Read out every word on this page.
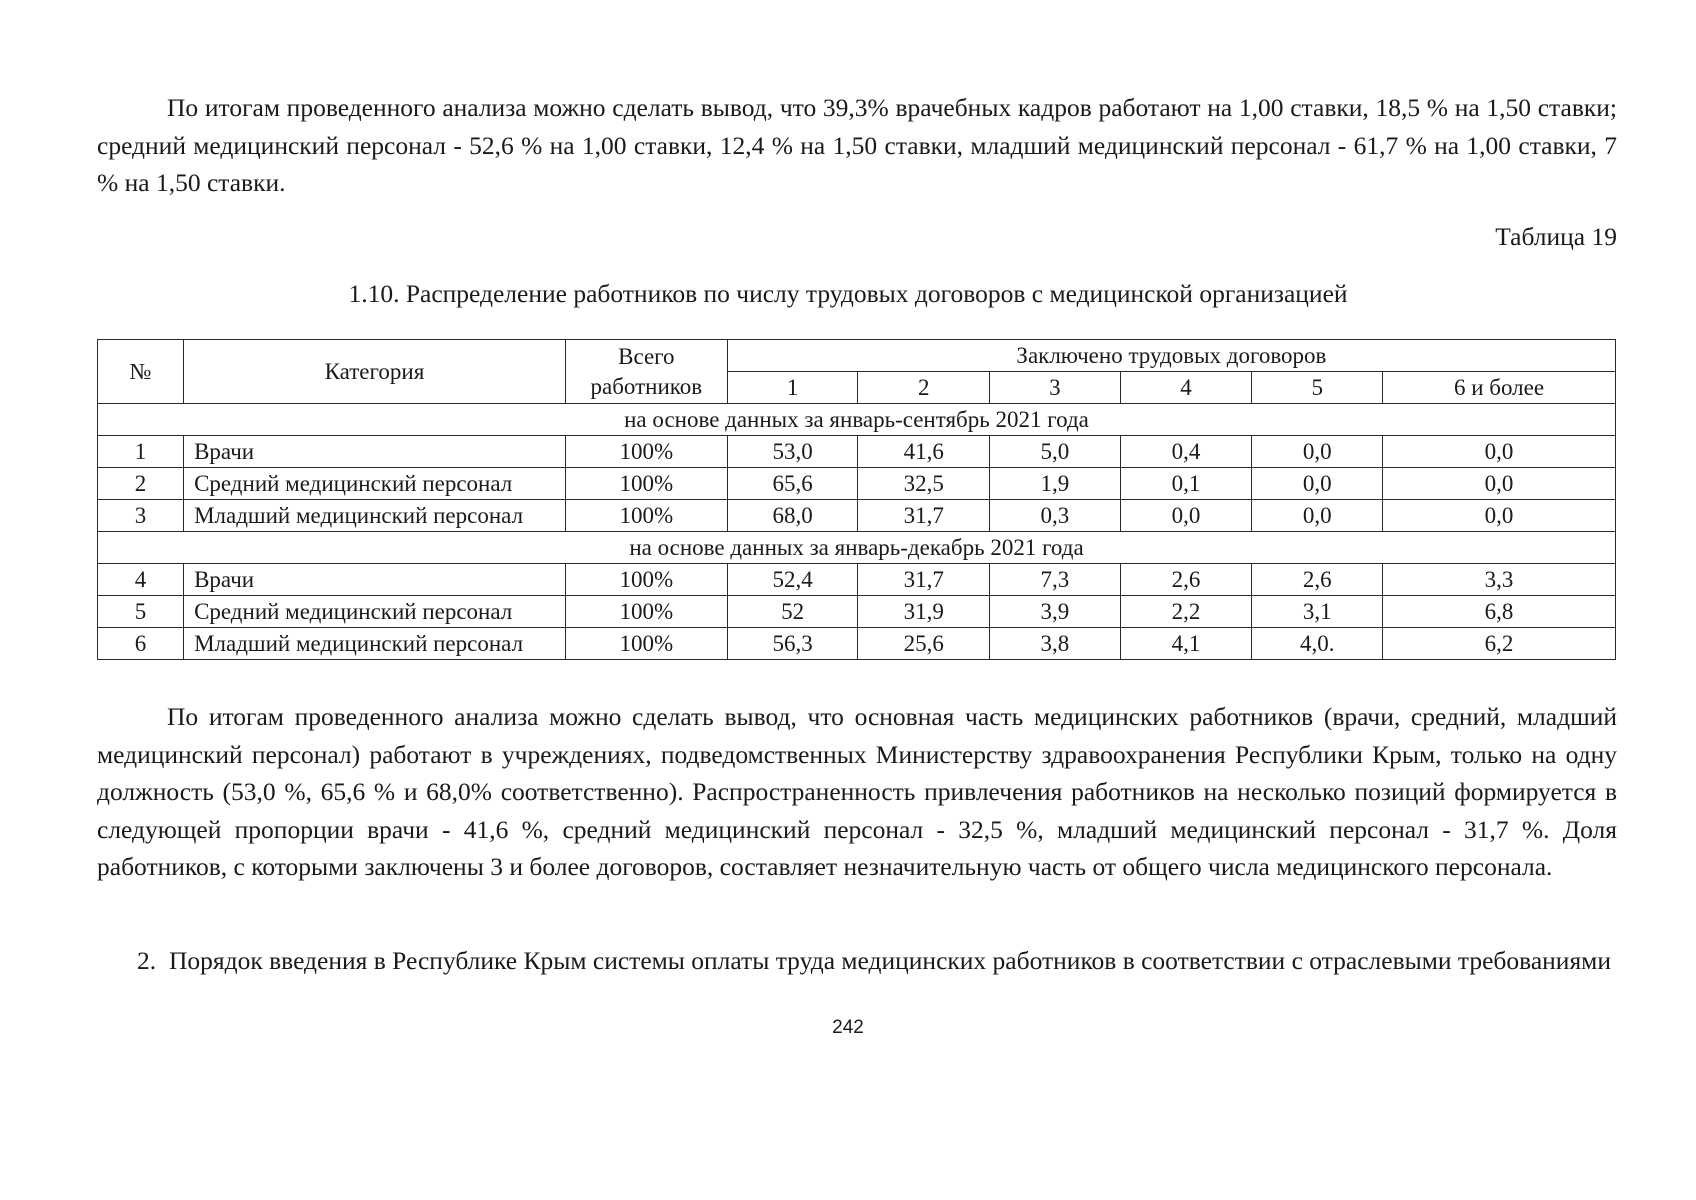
По итогам проведенного анализа можно сделать вывод, что 39,3% врачебных кадров работают на 1,00 ставки, 18,5 % на 1,50 ставки; средний медицинский персонал - 52,6 % на 1,00 ставки, 12,4 % на 1,50 ставки, младший медицинский персонал - 61,7 % на 1,00 ставки, 7 % на 1,50 ставки.

Таблица 19

1.10. Распределение работников по числу трудовых договоров с медицинской организацией

№	Категория	Всего работников	Заключено трудовых договоров					
			1	2	3	4	5	6 и более
на основе данных за январь-сентябрь 2021 года								
1	Врачи	100%	53,0	41,6	5,0	0,4	0,0	0,0
2	Средний медицинский персонал	100%	65,6	32,5	1,9	0,1	0,0	0,0
3	Младший медицинский персонал	100%	68,0	31,7	0,3	0,0	0,0	0,0
на основе данных за январь-декабрь 2021 года								
4	Врачи	100%	52,4	31,7	7,3	2,6	2,6	3,3
5	Средний медицинский персонал	100%	52	31,9	3,9	2,2	3,1	6,8
6	Младший медицинский персонал	100%	56,3	25,6	3,8	4,1	4,0.	6,2

По итогам проведенного анализа можно сделать вывод, что основная часть медицинских работников (врачи, средний, младший медицинский персонал) работают в учреждениях, подведомственных Министерству здравоохранения Республики Крым, только на одну должность (53,0 %, 65,6 % и 68,0% соответственно). Распространенность привлечения работников на несколько позиций формируется в следующей пропорции врачи - 41,6 %, средний медицинский персонал - 32,5 %, младший медицинский персонал - 31,7 %. Доля работников, с которыми заключены 3 и более договоров, составляет незначительную часть от общего числа медицинского персонала.

2. Порядок введения в Республике Крым системы оплаты труда медицинских работников в соответствии с отраслевыми требованиями

242
